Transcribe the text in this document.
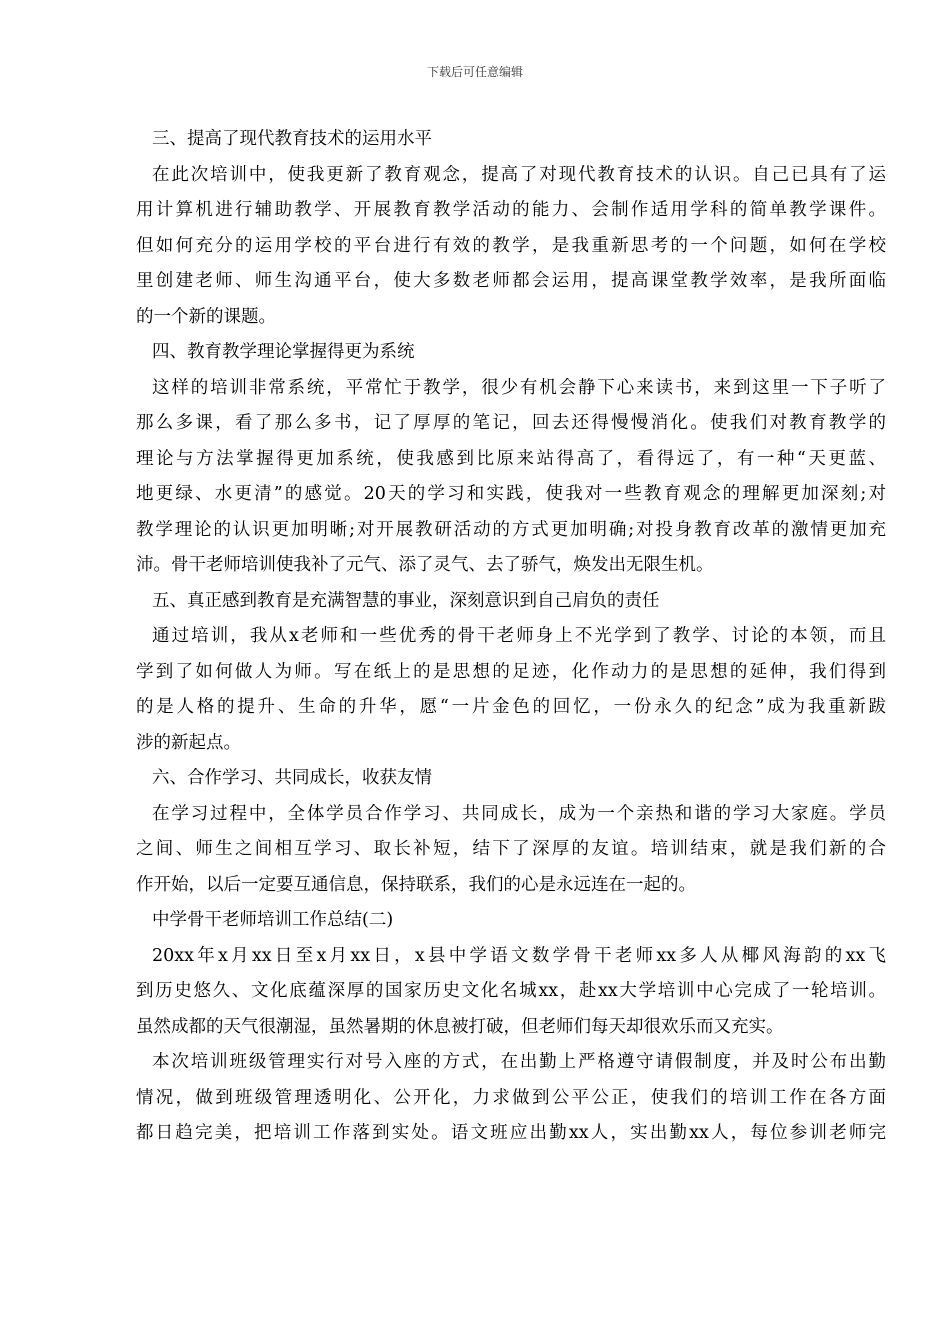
下载后可任意编辑
三、提高了现代教育技术的运用水平
在此次培训中，使我更新了教育观念，提高了对现代教育技术的认识。自己已具有了运
用计算机进行辅助教学、开展教育教学活动的能力、会制作适用学科的简单教学课件。
但如何充分的运用学校的平台进行有效的教学，是我重新思考的一个问题，如何在学校
里创建老师、师生沟通平台，使大多数老师都会运用，提高课堂教学效率，是我所面临
的一个新的课题。
四、教育教学理论掌握得更为系统
这样的培训非常系统，平常忙于教学，很少有机会静下心来读书，来到这里一下子听了
那么多课，看了那么多书，记了厚厚的笔记，回去还得慢慢消化。使我们对教育教学的
理论与方法掌握得更加系统，使我感到比原来站得高了，看得远了，有一种“天更蓝、
地更绿、水更清”的感觉。20天的学习和实践，使我对一些教育观念的理解更加深刻;对
教学理论的认识更加明晰;对开展教研活动的方式更加明确;对投身教育改革的激情更加充
沛。骨干老师培训使我补了元气、添了灵气、去了骄气，焕发出无限生机。
五、真正感到教育是充满智慧的事业，深刻意识到自己肩负的责任
通过培训，我从x老师和一些优秀的骨干老师身上不光学到了教学、讨论的本领，而且
学到了如何做人为师。写在纸上的是思想的足迹，化作动力的是思想的延伸，我们得到
的是人格的提升、生命的升华，愿“一片金色的回忆，一份永久的纪念”成为我重新跋
涉的新起点。
六、合作学习、共同成长，收获友情
在学习过程中，全体学员合作学习、共同成长，成为一个亲热和谐的学习大家庭。学员
之间、师生之间相互学习、取长补短，结下了深厚的友谊。培训结束，就是我们新的合
作开始，以后一定要互通信息，保持联系，我们的心是永远连在一起的。
中学骨干老师培训工作总结(二)
20xx年x月xx日至x月xx日，x县中学语文数学骨干老师xx多人从椰风海韵的xx飞
到历史悠久、文化底蕴深厚的国家历史文化名城xx，赴xx大学培训中心完成了一轮培训。
虽然成都的天气很潮湿，虽然暑期的休息被打破，但老师们每天却很欢乐而又充实。
本次培训班级管理实行对号入座的方式，在出勤上严格遵守请假制度，并及时公布出勤
情况，做到班级管理透明化、公开化，力求做到公平公正，使我们的培训工作在各方面
都日趋完美，把培训工作落到实处。语文班应出勤xx人，实出勤xx人，每位参训老师完
